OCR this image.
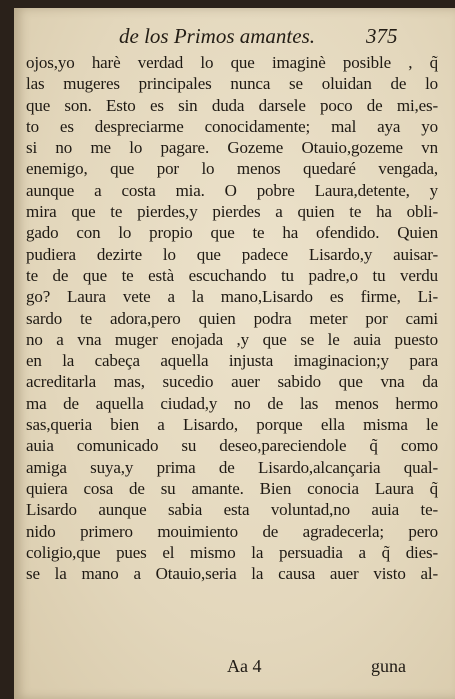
de los Primos amantes. 375
ojos,yo harè verdad lo que imaginè posible , q̃
las mugeres principales nunca se oluidan de lo
que son. Esto es sin duda darsele poco de mi,es-
to es despreciarme conocidamente; mal aya yo
si no me lo pagare. Gozeme Otauio,gozeme vn
enemigo, que por lo menos quedaré vengada,
aunque a costa mia. O pobre Laura,detente, y
mira que te pierdes,y pierdes a quien te ha obli-
gado con lo propio que te ha ofendido. Quien
pudiera dezirte lo que padece Lisardo,y auisar-
te de que te està escuchando tu padre,o tu verdu
go? Laura vete a la mano,Lisardo es firme, Li-
sardo te adora,pero quien podra meter por cami
no a vna muger enojada ,y que se le auia puesto
en la cabeça aquella injusta imaginacion;y para
acreditarla mas, sucedio auer sabido que vna da
ma de aquella ciudad,y no de las menos hermo
sas,queria bien a Lisardo, porque ella misma le
auia comunicado su deseo,pareciendole q̃ como
amiga suya,y prima de Lisardo,alcançaria qual-
quiera cosa de su amante. Bien conocia Laura q̃
Lisardo aunque sabia esta voluntad,no auia te-
nido primero mouimiento de agradecerla; pero
coligio,que pues el mismo la persuadia a q̃ dies-
se la mano a Otauio,seria la causa auer visto al-
Aa 4	guna
